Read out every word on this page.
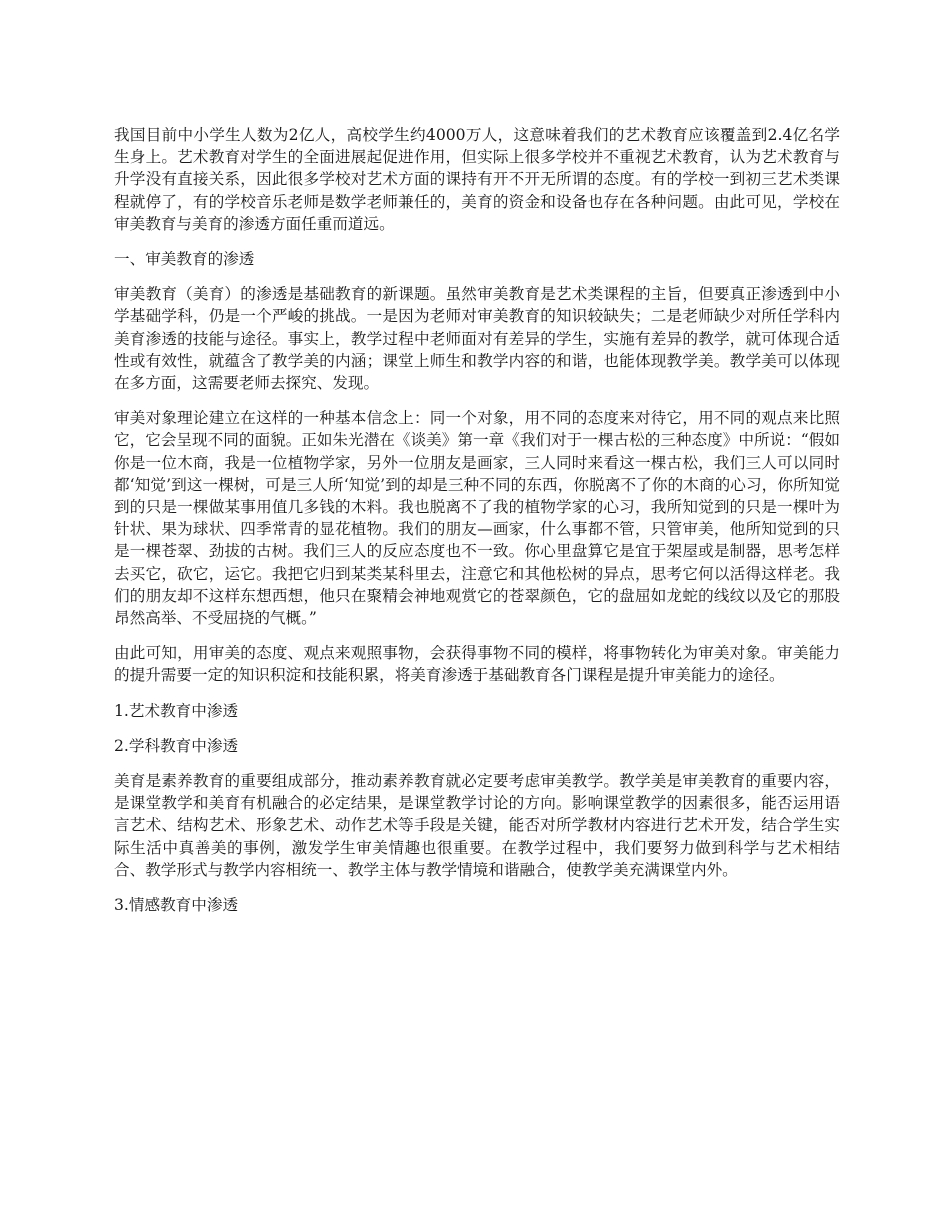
我国目前中小学生人数为2亿人，高校学生约4000万人，这意味着我们的艺术教育应该覆盖到2.4亿名学生身上。艺术教育对学生的全面进展起促进作用，但实际上很多学校并不重视艺术教育，认为艺术教育与升学没有直接关系，因此很多学校对艺术方面的课持有开不开无所谓的态度。有的学校一到初三艺术类课程就停了，有的学校音乐老师是数学老师兼任的，美育的资金和设备也存在各种问题。由此可见，学校在审美教育与美育的渗透方面任重而道远。

一、审美教育的渗透

审美教育（美育）的渗透是基础教育的新课题。虽然审美教育是艺术类课程的主旨，但要真正渗透到中小学基础学科，仍是一个严峻的挑战。一是因为老师对审美教育的知识较缺失；二是老师缺少对所任学科内美育渗透的技能与途径。事实上，教学过程中老师面对有差异的学生，实施有差异的教学，就可体现合适性或有效性，就蕴含了教学美的内涵；课堂上师生和教学内容的和谐，也能体现教学美。教学美可以体现在多方面，这需要老师去探究、发现。

审美对象理论建立在这样的一种基本信念上：同一个对象，用不同的态度来对待它，用不同的观点来比照它，它会呈现不同的面貌。正如朱光潜在《谈美》第一章《我们对于一棵古松的三种态度》中所说：“假如你是一位木商，我是一位植物学家，另外一位朋友是画家，三人同时来看这一棵古松，我们三人可以同时都‘知觉’到这一棵树，可是三人所‘知觉’到的却是三种不同的东西，你脱离不了你的木商的心习，你所知觉到的只是一棵做某事用值几多钱的木料。我也脱离不了我的植物学家的心习，我所知觉到的只是一棵叶为针状、果为球状、四季常青的显花植物。我们的朋友—画家，什么事都不管，只管审美，他所知觉到的只是一棵苍翠、劲拔的古树。我们三人的反应态度也不一致。你心里盘算它是宜于架屋或是制器，思考怎样去买它，砍它，运它。我把它归到某类某科里去，注意它和其他松树的异点，思考它何以活得这样老。我们的朋友却不这样东想西想，他只在聚精会神地观赏它的苍翠颜色，它的盘屈如龙蛇的线纹以及它的那股昂然高举、不受屈挠的气概。”

由此可知，用审美的态度、观点来观照事物，会获得事物不同的模样，将事物转化为审美对象。审美能力的提升需要一定的知识积淀和技能积累，将美育渗透于基础教育各门课程是提升审美能力的途径。

1.艺术教育中渗透

2.学科教育中渗透

美育是素养教育的重要组成部分，推动素养教育就必定要考虑审美教学。教学美是审美教育的重要内容，是课堂教学和美育有机融合的必定结果，是课堂教学讨论的方向。影响课堂教学的因素很多，能否运用语言艺术、结构艺术、形象艺术、动作艺术等手段是关键，能否对所学教材内容进行艺术开发，结合学生实际生活中真善美的事例，激发学生审美情趣也很重要。在教学过程中，我们要努力做到科学与艺术相结合、教学形式与教学内容相统一、教学主体与教学情境和谐融合，使教学美充满课堂内外。

3.情感教育中渗透
